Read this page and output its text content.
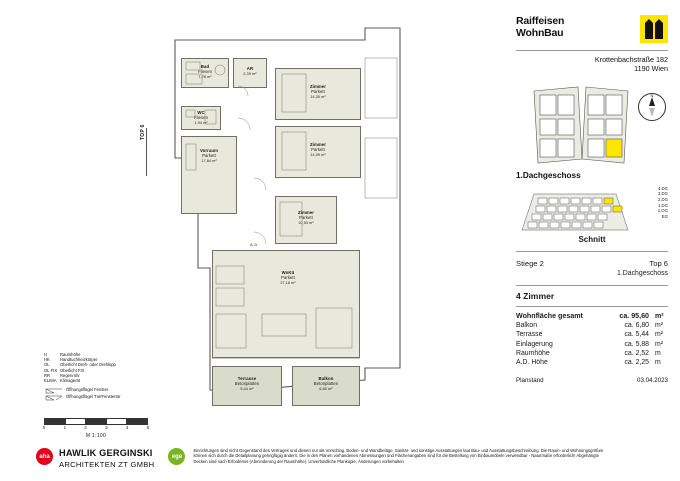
Bad
Fliesen
7,28 m²
AR
2,39 m²
WC
Fliesen
1,94 m²
Zimmer
Parkett
14,35 m²
Zimmer
Parkett
14,09 m²
Vorraum
Parkett
17,84 m²
Zimmer
Parkett
10,53 m²
WoKü
Parkett
27,18 m²
Terrasse
Betonplatten
5,44 m²
Balkon
Betonplatten
6,80 m²
A.D.
TOP 6
Raiffeisen
WohnBau
Krottenbachstraße 182
1190 Wien
N
1.Dachgeschoss
4.DG
3.DG
2.DG
1.DG
1.OG
EG
Schnitt
Stiege 2	Top 6
1.Dachgeschoss
4 Zimmer
Wohnfläche gesamt	ca. 95,60	m²
Balkon	ca. 6,80	m²
Terrasse	ca. 5,44	m²
Einlagerung	ca. 5,88	m²
Raumhöhe	ca. 2,52	m
A.D. Höhe	ca. 2,25	m
Planstand	03.04.2023
H	Raumhöhe
HK	Handtuchheizkörper
OL	Oberlicht Dreh- oder Drehkipp
OL FIX	Oberlicht FIX
RR	Regenrohr
KLIMA	Klimagerät
Öffnungsflügel Fenster
Öffnungsflügel Tür/Fenstertür
0	1	2	3	4	5
M 1:100
aha	HAWLIK GERGINSKI
ARCHITEKTEN ZT GMBH
ege
Einrichtungen sind nicht Gegenstand des Vertrages und dienen nur als Vorschlag. Boden- und Wandbeläge, Sanitär- und sonstige Ausstattungen laut Bau- und Ausstattungsbeschreibung. Die Raum- und Wohnungsgrößen können sich durch die Detailplanung geringfügig ändern. Die in den Plänen vorhandenen Abmessungen und Flächenangaben sind für die Bestellung von Einbaumöbeln verwendbar - Naturmaße erforderlich! Abgehängte Decken sind nach Erfordernis (Abminderung der Raumhöhe). Unverbindliche Plankopie, Änderungen vorbehalten.
